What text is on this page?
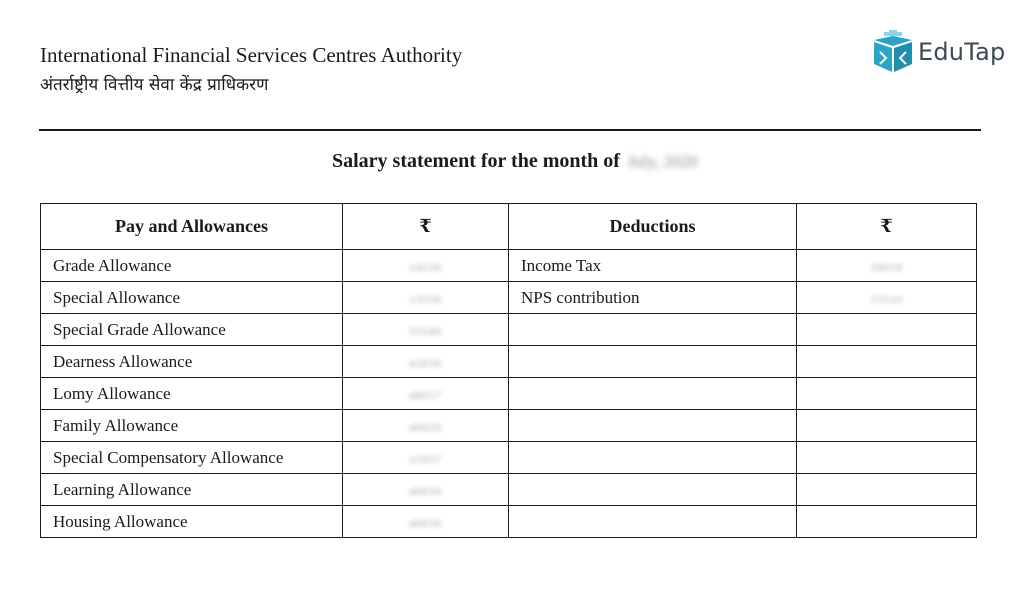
International Financial Services Centres Authority
अंतर्राष्ट्रीय वित्तीय सेवा केंद्र प्राधिकरण
EduTap
Salary statement for the month of July, 2020
Pay and Allowances	₹	Deductions	₹
Grade Allowance	24530	Income Tax	26018
Special Allowance	23550	NPS contribution	23510
Special Grade Allowance	33540		
Dearness Allowance	42030		
Lomy Allowance	48017		
Family Allowance	40020		
Special Compensatory Allowance	22037		
Learning Allowance	40039		
Housing Allowance	40030		
